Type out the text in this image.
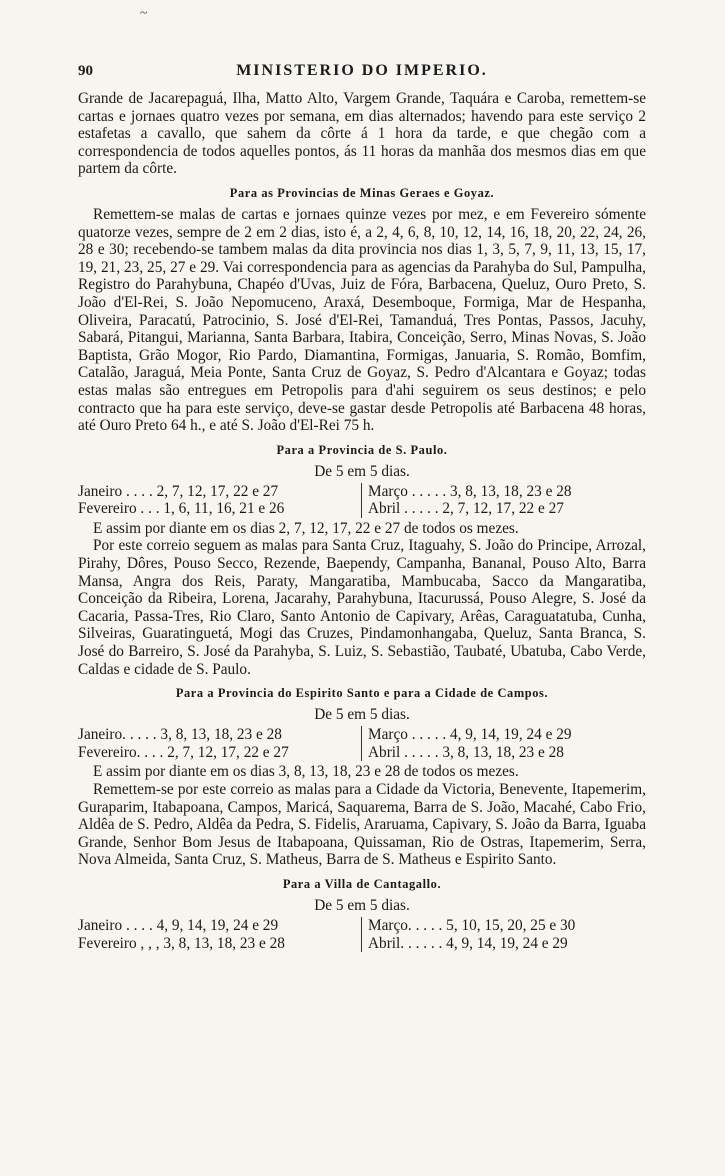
~
90	MINISTERIO DO IMPERIO.

Grande de Jacarepaguá, Ilha, Matto Alto, Vargem Grande, Taquára e Caroba, remettem-se cartas e jornaes quatro vezes por semana, em dias alternados; havendo para este serviço 2 estafetas a cavallo, que sahem da côrte á 1 hora da tarde, e que chegão com a correspondencia de todos aquelles pontos, ás 11 horas da manhãa dos mesmos dias em que partem da côrte.

Para as Provincias de Minas Geraes e Goyaz.

Remettem-se malas de cartas e jornaes quinze vezes por mez, e em Fevereiro sómente quatorze vezes, sempre de 2 em 2 dias, isto é, a 2, 4, 6, 8, 10, 12, 14, 16, 18, 20, 22, 24, 26, 28 e 30; recebendo-se tambem malas da dita provincia nos dias 1, 3, 5, 7, 9, 11, 13, 15, 17, 19, 21, 23, 25, 27 e 29. Vai correspondencia para as agencias da Parahyba do Sul, Pampulha, Registro do Parahybuna, Chapéo d'Uvas, Juiz de Fóra, Barbacena, Queluz, Ouro Preto, S. João d'El-Rei, S. João Nepomuceno, Araxá, Desemboque, Formiga, Mar de Hespanha, Oliveira, Paracatú, Patrocinio, S. José d'El-Rei, Tamanduá, Tres Pontas, Passos, Jacuhy, Sabará, Pitangui, Marianna, Santa Barbara, Itabira, Conceição, Serro, Minas Novas, S. João Baptista, Grão Mogor, Rio Pardo, Diamantina, Formigas, Januaria, S. Romão, Bomfim, Catalão, Jaraguá, Meia Ponte, Santa Cruz de Goyaz, S. Pedro d'Alcantara e Goyaz; todas estas malas são entregues em Petropolis para d'ahi seguirem os seus destinos; e pelo contracto que ha para este serviço, deve-se gastar desde Petropolis até Barbacena 48 horas, até Ouro Preto 64 h., e até S. João d'El-Rei 75 h.

Para a Provincia de S. Paulo.
De 5 em 5 dias.
Janeiro . . . . 2, 7, 12, 17, 22 e 27	Março . . . . . 3, 8, 13, 18, 23 e 28
Fevereiro . . . 1, 6, 11, 16, 21 e 26	Abril . . . . . 2, 7, 12, 17, 22 e 27

E assim por diante em os dias 2, 7, 12, 17, 22 e 27 de todos os mezes.

Por este correio seguem as malas para Santa Cruz, Itaguahy, S. João do Principe, Arrozal, Pirahy, Dôres, Pouso Secco, Rezende, Baependy, Campanha, Bananal, Pouso Alto, Barra Mansa, Angra dos Reis, Paraty, Mangaratiba, Mambucaba, Sacco da Mangaratiba, Conceição da Ribeira, Lorena, Jacarahy, Parahybuna, Itacurussá, Pouso Alegre, S. José da Cacaria, Passa-Tres, Rio Claro, Santo Antonio de Capivary, Arêas, Caraguatatuba, Cunha, Silveiras, Guaratinguetá, Mogi das Cruzes, Pindamonhangaba, Queluz, Santa Branca, S. José do Barreiro, S. José da Parahyba, S. Luiz, S. Sebastião, Taubaté, Ubatuba, Cabo Verde, Caldas e cidade de S. Paulo.

Para a Provincia do Espirito Santo e para a Cidade de Campos.
De 5 em 5 dias.
Janeiro. . . . . 3, 8, 13, 18, 23 e 28	Março . . . . . 4, 9, 14, 19, 24 e 29
Fevereiro. . . . 2, 7, 12, 17, 22 e 27	Abril . . . . . 3, 8, 13, 18, 23 e 28

E assim por diante em os dias 3, 8, 13, 18, 23 e 28 de todos os mezes.

Remettem-se por este correio as malas para a Cidade da Victoria, Benevente, Itapemerim, Guraparim, Itabapoana, Campos, Maricá, Saquarema, Barra de S. João, Macahé, Cabo Frio, Aldêa de S. Pedro, Aldêa da Pedra, S. Fidelis, Araruama, Capivary, S. João da Barra, Iguaba Grande, Senhor Bom Jesus de Itabapoana, Quissaman, Rio de Ostras, Itapemerim, Serra, Nova Almeida, Santa Cruz, S. Matheus, Barra de S. Matheus e Espirito Santo.

Para a Villa de Cantagallo.
De 5 em 5 dias.
Janeiro . . . . 4, 9, 14, 19, 24 e 29	Março. . . . . 5, 10, 15, 20, 25 e 30
Fevereiro , , , 3, 8, 13, 18, 23 e 28	Abril. . . . . . 4, 9, 14, 19, 24 e 29
